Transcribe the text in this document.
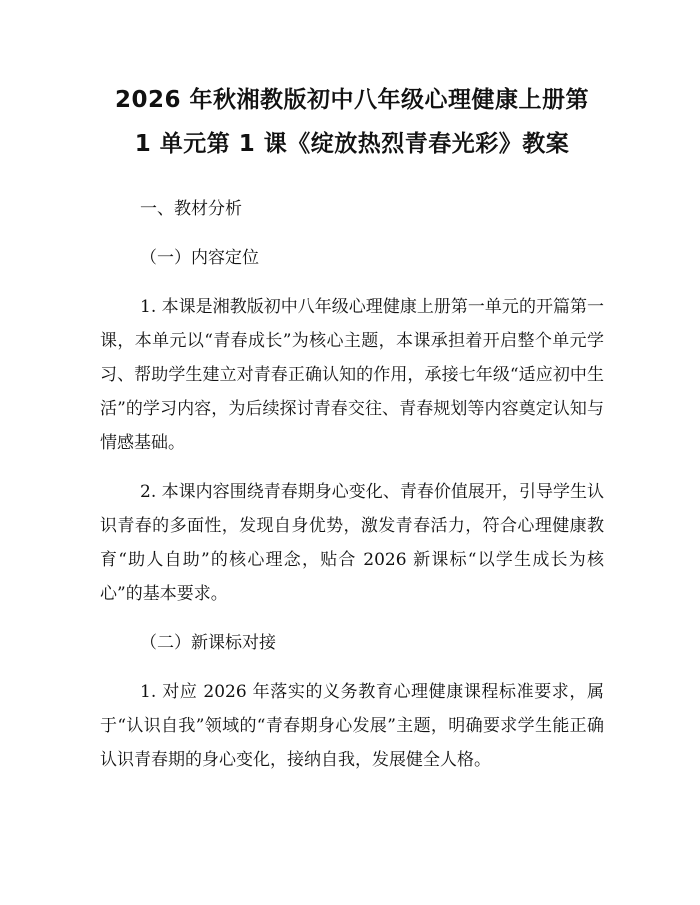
2026 年秋湘教版初中八年级心理健康上册第
1 单元第 1 课《绽放热烈青春光彩》教案

一、教材分析

（一）内容定位

1. 本课是湘教版初中八年级心理健康上册第一单元的开篇第一课，本单元以“青春成长”为核心主题，本课承担着开启整个单元学习、帮助学生建立对青春正确认知的作用，承接七年级“适应初中生活”的学习内容，为后续探讨青春交往、青春规划等内容奠定认知与情感基础。

2. 本课内容围绕青春期身心变化、青春价值展开，引导学生认识青春的多面性，发现自身优势，激发青春活力，符合心理健康教育“助人自助”的核心理念，贴合 2026 新课标“以学生成长为核心”的基本要求。

（二）新课标对接

1. 对应 2026 年落实的义务教育心理健康课程标准要求，属于“认识自我”领域的“青春期身心发展”主题，明确要求学生能正确认识青春期的身心变化，接纳自我，发展健全人格。
